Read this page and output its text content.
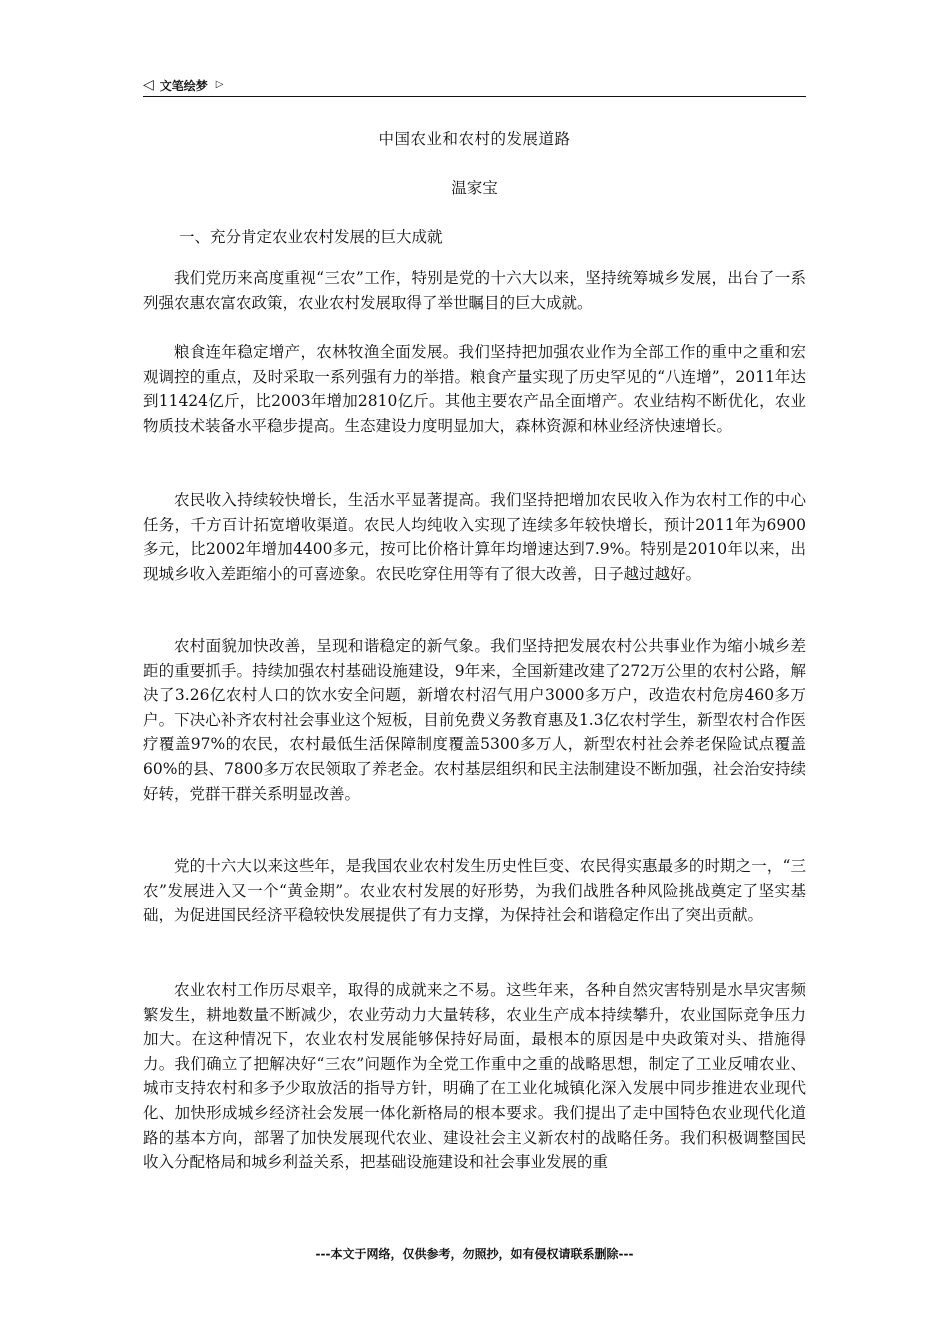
◁ 文笔绘梦 ▷
中国农业和农村的发展道路
温家宝
一、充分肯定农业农村发展的巨大成就

我们党历来高度重视“三农”工作，特别是党的十六大以来，坚持统筹城乡发展，出台了一系列强农惠农富农政策，农业农村发展取得了举世瞩目的巨大成就。

粮食连年稳定增产，农林牧渔全面发展。我们坚持把加强农业作为全部工作的重中之重和宏观调控的重点，及时采取一系列强有力的举措。粮食产量实现了历史罕见的“八连增”，2011年达到11424亿斤，比2003年增加2810亿斤。其他主要农产品全面增产。农业结构不断优化，农业物质技术装备水平稳步提高。生态建设力度明显加大，森林资源和林业经济快速增长。

农民收入持续较快增长，生活水平显著提高。我们坚持把增加农民收入作为农村工作的中心任务，千方百计拓宽增收渠道。农民人均纯收入实现了连续多年较快增长，预计2011年为6900多元，比2002年增加4400多元，按可比价格计算年均增速达到7.9%。特别是2010年以来，出现城乡收入差距缩小的可喜迹象。农民吃穿住用等有了很大改善，日子越过越好。

农村面貌加快改善，呈现和谐稳定的新气象。我们坚持把发展农村公共事业作为缩小城乡差距的重要抓手。持续加强农村基础设施建设，9年来，全国新建改建了272万公里的农村公路，解决了3.26亿农村人口的饮水安全问题，新增农村沼气用户3000多万户，改造农村危房460多万户。下决心补齐农村社会事业这个短板，目前免费义务教育惠及1.3亿农村学生，新型农村合作医疗覆盖97%的农民，农村最低生活保障制度覆盖5300多万人，新型农村社会养老保险试点覆盖60%的县、7800多万农民领取了养老金。农村基层组织和民主法制建设不断加强，社会治安持续好转，党群干群关系明显改善。

党的十六大以来这些年，是我国农业农村发生历史性巨变、农民得实惠最多的时期之一，“三农”发展进入又一个“黄金期”。农业农村发展的好形势，为我们战胜各种风险挑战奠定了坚实基础，为促进国民经济平稳较快发展提供了有力支撑，为保持社会和谐稳定作出了突出贡献。

农业农村工作历尽艰辛，取得的成就来之不易。这些年来，各种自然灾害特别是水旱灾害频繁发生，耕地数量不断减少，农业劳动力大量转移，农业生产成本持续攀升，农业国际竞争压力加大。在这种情况下，农业农村发展能够保持好局面，最根本的原因是中央政策对头、措施得力。我们确立了把解决好“三农”问题作为全党工作重中之重的战略思想，制定了工业反哺农业、城市支持农村和多予少取放活的指导方针，明确了在工业化城镇化深入发展中同步推进农业现代化、加快形成城乡经济社会发展一体化新格局的根本要求。我们提出了走中国特色农业现代化道路的基本方向，部署了加快发展现代农业、建设社会主义新农村的战略任务。我们积极调整国民收入分配格局和城乡利益关系，把基础设施建设和社会事业发展的重

---本文于网络，仅供参考，勿照抄，如有侵权请联系删除---
